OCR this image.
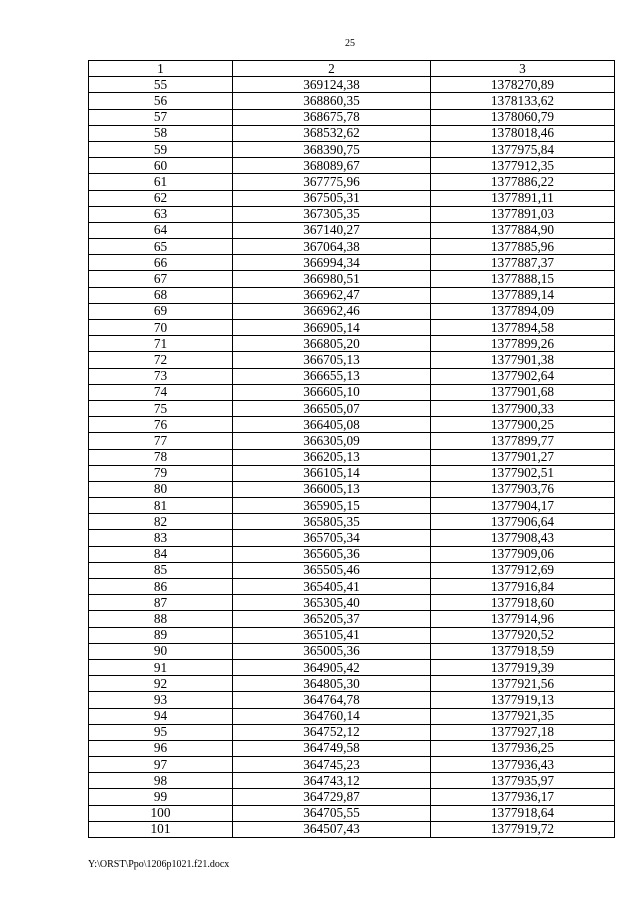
25
1	2	3
55	369124,38	1378270,89
56	368860,35	1378133,62
57	368675,78	1378060,79
58	368532,62	1378018,46
59	368390,75	1377975,84
60	368089,67	1377912,35
61	367775,96	1377886,22
62	367505,31	1377891,11
63	367305,35	1377891,03
64	367140,27	1377884,90
65	367064,38	1377885,96
66	366994,34	1377887,37
67	366980,51	1377888,15
68	366962,47	1377889,14
69	366962,46	1377894,09
70	366905,14	1377894,58
71	366805,20	1377899,26
72	366705,13	1377901,38
73	366655,13	1377902,64
74	366605,10	1377901,68
75	366505,07	1377900,33
76	366405,08	1377900,25
77	366305,09	1377899,77
78	366205,13	1377901,27
79	366105,14	1377902,51
80	366005,13	1377903,76
81	365905,15	1377904,17
82	365805,35	1377906,64
83	365705,34	1377908,43
84	365605,36	1377909,06
85	365505,46	1377912,69
86	365405,41	1377916,84
87	365305,40	1377918,60
88	365205,37	1377914,96
89	365105,41	1377920,52
90	365005,36	1377918,59
91	364905,42	1377919,39
92	364805,30	1377921,56
93	364764,78	1377919,13
94	364760,14	1377921,35
95	364752,12	1377927,18
96	364749,58	1377936,25
97	364745,23	1377936,43
98	364743,12	1377935,97
99	364729,87	1377936,17
100	364705,55	1377918,64
101	364507,43	1377919,72
Y:\ORST\Ppo\1206p1021.f21.docx
